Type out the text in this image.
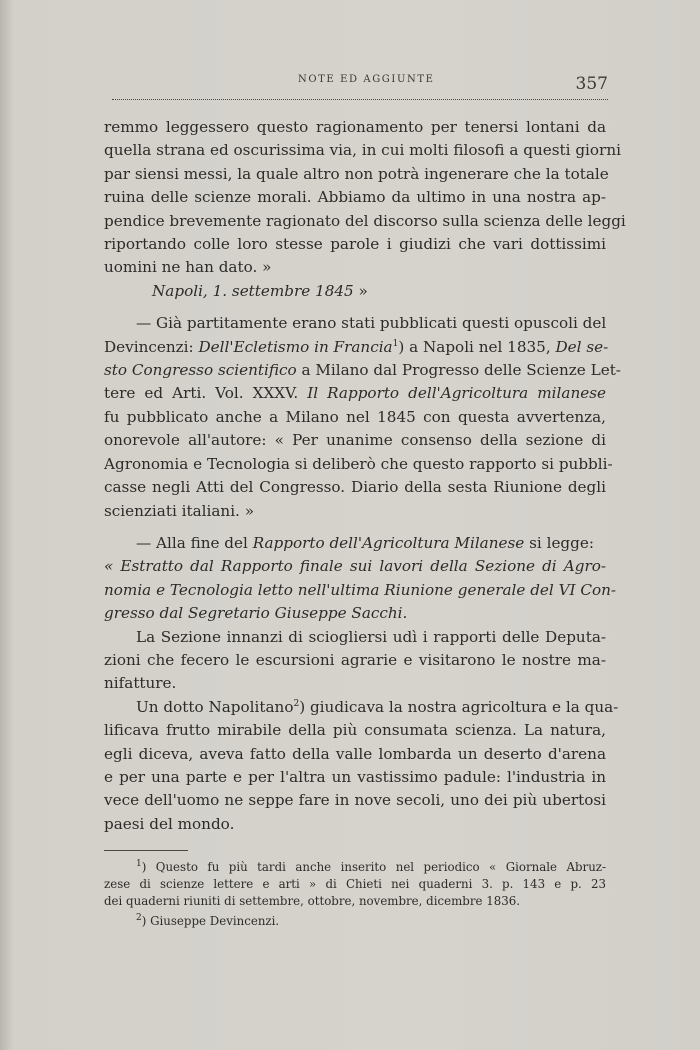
NOTE ED AGGIUNTE	357
remmo leggessero questo ragionamento per tenersi lontani da
quella strana ed oscurissima via, in cui molti filosofi a questi giorni
par siensi messi, la quale altro non potrà ingenerare che la totale
ruina delle scienze morali. Abbiamo da ultimo in una nostra ap-
pendice brevemente ragionato del discorso sulla scienza delle leggi
riportando colle loro stesse parole i giudizi che vari dottissimi
uomini ne han dato. »
Napoli, 1. settembre 1845 »
— Già partitamente erano stati pubblicati questi opuscoli del
Devincenzi: Dell'Ecletismo in Francia$^1$) a Napoli nel 1835, Del se-
sto Congresso scientifico a Milano dal Progresso delle Scienze Let-
tere ed Arti. Vol. XXXV. Il Rapporto dell'Agricoltura milanese
fu pubblicato anche a Milano nel 1845 con questa avvertenza,
onorevole all'autore: « Per unanime consenso della sezione di
Agronomia e Tecnologia si deliberò che questo rapporto si pubbli-
casse negli Atti del Congresso. Diario della sesta Riunione degli
scienziati italiani. »
— Alla fine del Rapporto dell'Agricoltura Milanese si legge:
« Estratto dal Rapporto finale sui lavori della Sezione di Agro-
nomia e Tecnologia letto nell'ultima Riunione generale del VI Con-
gresso dal Segretario Giuseppe Sacchi.
La Sezione innanzi di sciogliersi udì i rapporti delle Deputa-
zioni che fecero le escursioni agrarie e visitarono le nostre ma-
nifatture.
Un dotto Napolitano$^2$) giudicava la nostra agricoltura e la qua-
lificava frutto mirabile della più consumata scienza. La natura,
egli diceva, aveva fatto della valle lombarda un deserto d'arena
e per una parte e per l'altra un vastissimo padule: l'industria in
vece dell'uomo ne seppe fare in nove secoli, uno dei più ubertosi
paesi del mondo.
$^1$) Questo fu più tardi anche inserito nel periodico « Giornale Abruz-
zese di scienze lettere e arti » di Chieti nei quaderni 3. p. 143 e p. 23
dei quaderni riuniti di settembre, ottobre, novembre, dicembre 1836.
$^2$) Giuseppe Devincenzi.
